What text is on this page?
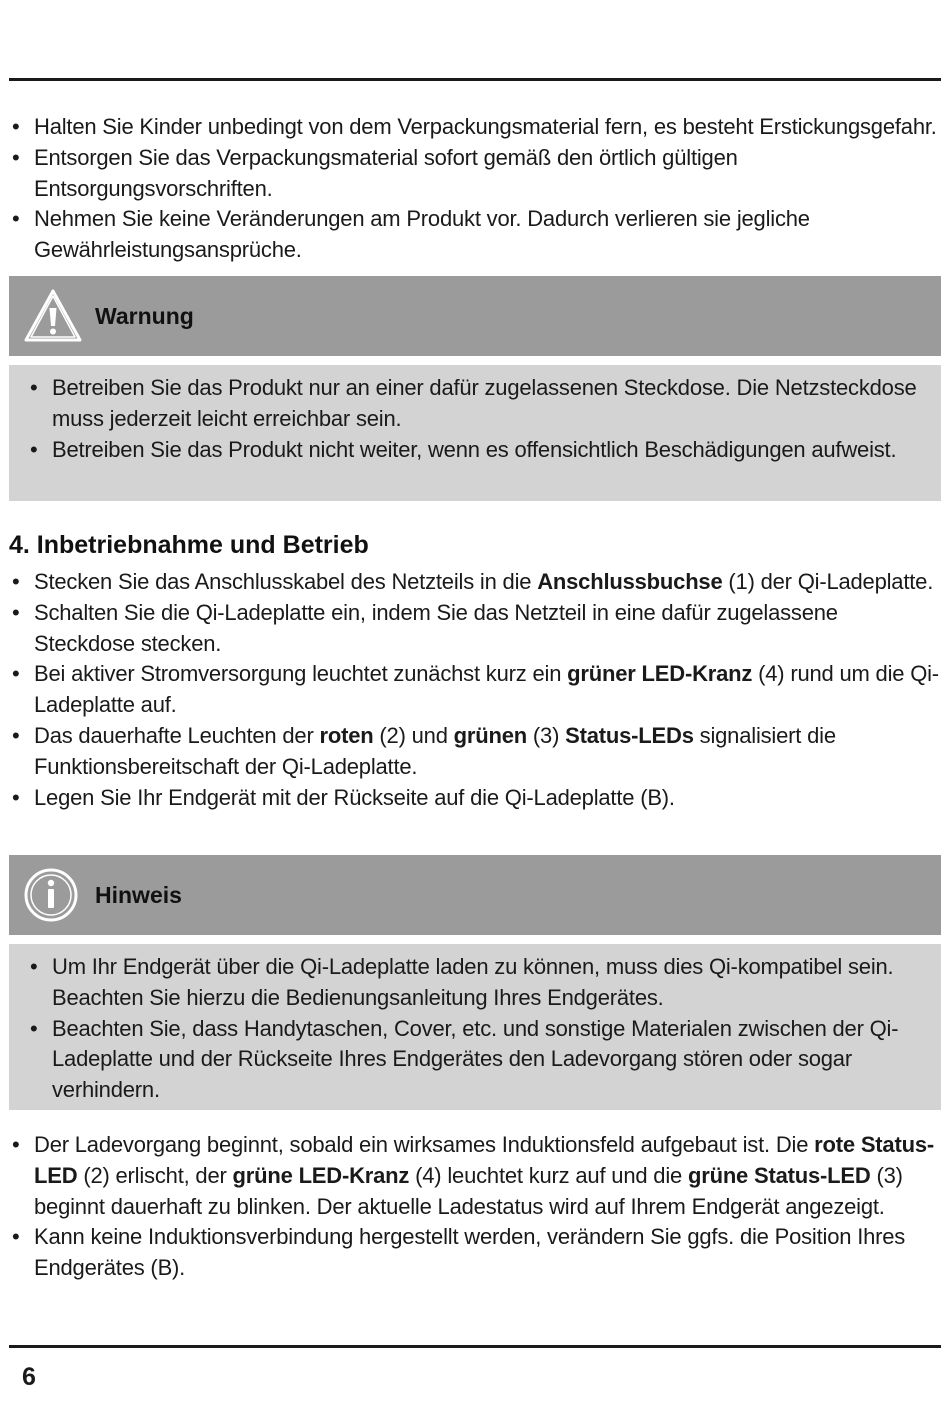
• Halten Sie Kinder unbedingt von dem Verpackungsmaterial fern, es besteht Erstickungsgefahr.
• Entsorgen Sie das Verpackungsmaterial sofort gemäß den örtlich gültigen Entsorgungsvorschriften.
• Nehmen Sie keine Veränderungen am Produkt vor. Dadurch verlieren sie jegliche Gewährleistungsansprüche.
Warnung
• Betreiben Sie das Produkt nur an einer dafür zugelassenen Steckdose. Die Netzsteckdose muss jederzeit leicht erreichbar sein.
• Betreiben Sie das Produkt nicht weiter, wenn es offensichtlich Beschädigungen aufweist.
4. Inbetriebnahme und Betrieb
• Stecken Sie das Anschlusskabel des Netzteils in die Anschlussbuchse (1) der Qi-Ladeplatte.
• Schalten Sie die Qi-Ladeplatte ein, indem Sie das Netzteil in eine dafür zugelassene Steckdose stecken.
• Bei aktiver Stromversorgung leuchtet zunächst kurz ein grüner LED-Kranz (4) rund um die Qi-Ladeplatte auf.
• Das dauerhafte Leuchten der roten (2) und grünen (3) Status-LEDs signalisiert die Funktionsbereitschaft der Qi-Ladeplatte.
• Legen Sie Ihr Endgerät mit der Rückseite auf die Qi-Ladeplatte (B).
Hinweis
• Um Ihr Endgerät über die Qi-Ladeplatte laden zu können, muss dies Qi-kompatibel sein. Beachten Sie hierzu die Bedienungsanleitung Ihres Endgerätes.
• Beachten Sie, dass Handytaschen, Cover, etc. und sonstige Materialen zwischen der Qi-Ladeplatte und der Rückseite Ihres Endgerätes den Ladevorgang stören oder sogar verhindern.
• Der Ladevorgang beginnt, sobald ein wirksames Induktionsfeld aufgebaut ist. Die rote Status-LED (2) erlischt, der grüne LED-Kranz (4) leuchtet kurz auf und die grüne Status-LED (3) beginnt dauerhaft zu blinken. Der aktuelle Ladestatus wird auf Ihrem Endgerät angezeigt.
• Kann keine Induktionsverbindung hergestellt werden, verändern Sie ggfs. die Position Ihres Endgerätes (B).
6
